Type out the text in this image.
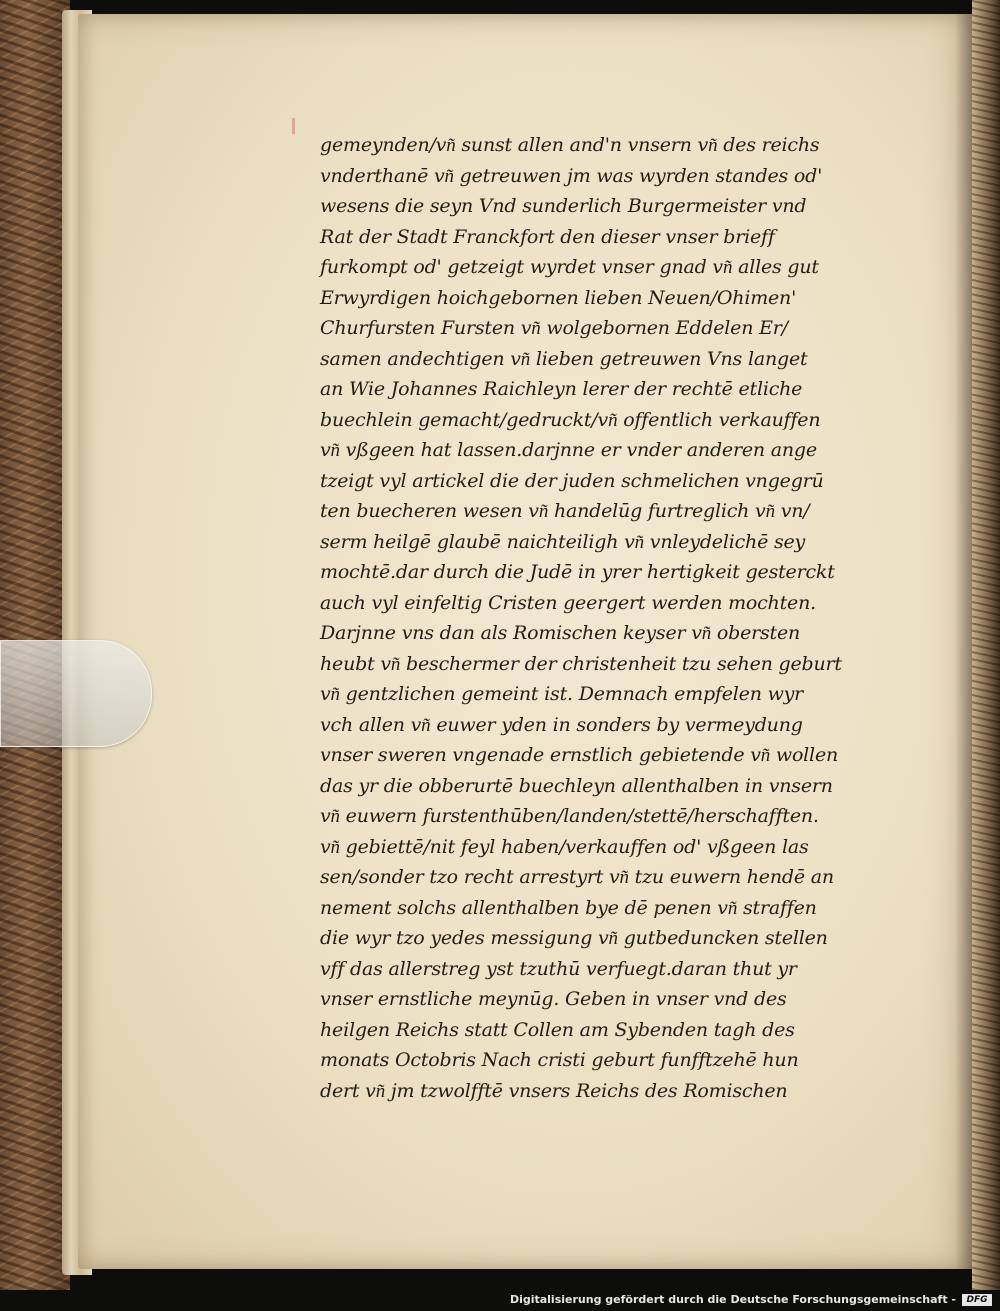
gemeynden/vn͂ sunst allen and'n vnsern vn͂ des reichs
vnderthanē vn͂ getreuwen jm was wyrden standes od'
wesens die seyn Vnd sunderlich Burgermeister vnd
Rat der Stadt Franckfort den dieser vnser brieff
furkompt od' getzeigt wyrdet vnser gnad vn͂ alles gut
Erwyrdigen hoichgebornen lieben Neuen/Ohimen'
Churfursten Fursten vn͂ wolgebornen Eddelen Er/
samen andechtigen vn͂ lieben getreuwen Vns langet
an Wie Johannes Raichleyn lerer der rechtē etliche
buechlein gemacht/gedruckt/vn͂ offentlich verkauffen
vn͂ vßgeen hat lassen.darjnne er vnder anderen ange
tzeigt vyl artickel die der juden schmelichen vngegrū
ten buecheren wesen vn͂ handelūg furtreglich vn͂ vn/
serm heilgē glaubē naichteiligh vn͂ vnleydelichē sey
mochtē.dar durch die Judē in yrer hertigkeit gesterckt
auch vyl einfeltig Cristen geergert werden mochten.
Darjnne vns dan als Romischen keyser vn͂ obersten
heubt vn͂ beschermer der christenheit tzu sehen geburt
vn͂ gentzlichen gemeint ist. Demnach empfelen wyr
vch allen vn͂ euwer yden in sonders by vermeydung
vnser sweren vngenade ernstlich gebietende vn͂ wollen
das yr die obberurtē buechleyn allenthalben in vnsern
vn͂ euwern furstenthūben/landen/stettē/herschafften.
vn͂ gebiettē/nit feyl haben/verkauffen od' vßgeen las
sen/sonder tzo recht arrestyrt vn͂ tzu euwern hendē an
nement solchs allenthalben bye dē penen vn͂ straffen
die wyr tzo yedes messigung vn͂ gutbeduncken stellen
vff das allerstreg yst tzuthū verfuegt.daran thut yr
vnser ernstliche meynūg. Geben in vnser vnd des
heilgen Reichs statt Collen am Sybenden tagh des
monats Octobris Nach cristi geburt funfftzehē hun
dert vn͂ jm tzwolfftē vnsers Reichs des Romischen
Digitalisierung gefördert durch die Deutsche Forschungsgemeinschaft -	DFG
